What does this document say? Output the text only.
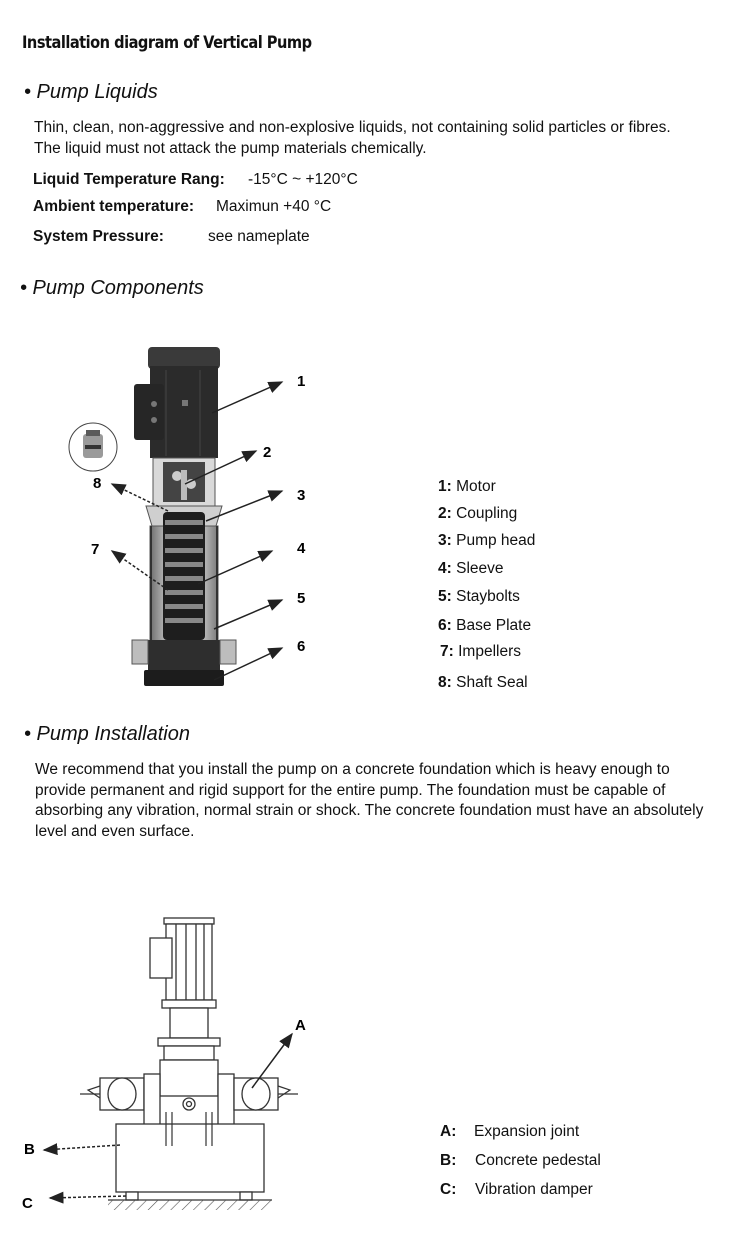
Installation diagram of Vertical Pump
• Pump Liquids
Thin, clean, non-aggressive and non-explosive liquids, not containing solid particles or fibres.
The liquid must not attack the pump materials chemically.
Liquid Temperature Rang: -15°C ~ +120°C
Ambient temperature: Maximun +40 °C
System Pressure:	see nameplate
• Pump Components
1
2
3
4
5
6
7
8	1: Motor
2: Coupling
3: Pump head
4: Sleeve
5: Staybolts
6: Base Plate
7: Impellers
8: Shaft Seal
• Pump Installation
We recommend that you install the pump on a concrete foundation which is heavy enough to
provide permanent and rigid support for the entire pump. The foundation must be capable of
absorbing any vibration, normal strain or shock. The concrete foundation must have an absolutely
level and even surface.
A
B
C
A: Expansion joint
B: Concrete pedestal
C: Vibration damper
